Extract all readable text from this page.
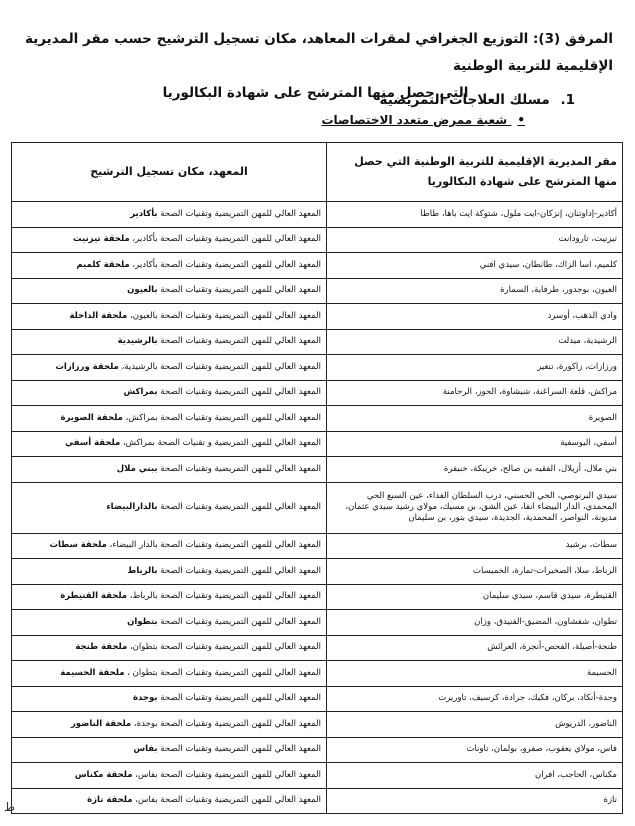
المرفق (3): التوزيع الجغرافي لمقرات المعاهد، مكان تسجيل الترشيح حسب مقر المديرية الإقليمية للتربية الوطنية
التي حصل منها المترشح على شهادة البكالوريا	1. مسلك العلاجات التمريضية

• شعبة ممرض متعدد الاختصاصات
مقر المديرية الإقليمية للتربية الوطنية التي حصل منها المترشح على شهادة البكالوريا	المعهد، مكان تسجيل الترشيح
أكادير-إداوتنان، إنزكان-ايت ملول، شتوكة ايت باها، طاطا	المعهد العالي للمهن التمريضية وتقنيات الصحة بأكادير
تيزنيت، تارودانت	المعهد العالي للمهن التمريضية وتقنيات الصحة بأكادير، ملحقة تيزنيت
كلميم، اسا الزاك، طانطان، سيدي افني	المعهد العالي للمهن التمريضية وتقنيات الصحة بأكادير، ملحقة كلميم
العيون، بوجدور، طرفاية، السمارة	المعهد العالي للمهن التمريضية وتقنيات الصحة بالعيون
وادي الذهب، أوسرد	المعهد العالي للمهن التمريضية وتقنيات الصحة بالعيون، ملحقة الداخلة
الرشيدية، ميدلت	المعهد العالي للمهن التمريضية وتقنيات الصحة بالرشيدية
ورزازات، زاكورة، تنغير	المعهد العالي للمهن التمريضية وتقنيات الصحة بالرشيدية، ملحقة ورزازات
مراكش، قلعة السراغنة، شيشاوة، الحوز، الرحامنة	المعهد العالي للمهن التمريضية وتقنيات الصحة بمراكش
الصويرة	المعهد العالي للمهن التمريضية وتقنيات الصحة بمراكش، ملحقة الصويرة
أسفي، اليوسفية	المعهد العالي للمهن التمريضية و تقنيات الصحة بمراكش، ملحقة أسفي
بني ملال، أزيلال، الفقيه بن صالح، خريبكة، خنيفرة	المعهد العالي للمهن التمريضية وتقنيات الصحة ببني ملال
سيدي البرنوصي، الحي الحسني، درب السلطان الفداء، عين السبع الحي المحمدي، الدار البيضاء انفا، عين الشق، بن مسيك، مولاي رشيد سيدي عثمان، مديونة، النواصر، المحمدية، الجديدة، سيدي بنور، بن سليمان	المعهد العالي للمهن التمريضية وتقنيات الصحة بالدارالبيضاء
سطات، برشيد	المعهد العالي للمهن التمريضية وتقنيات الصحة بالدار البيضاء، ملحقة سطات
الرباط، سلا، الصخيرات-تمارة، الخميسات	المعهد العالي للمهن التمريضية وتقنيات الصحة بالرباط
القنيطرة، سيدي قاسم، سيدي سليمان	المعهد العالي للمهن التمريضية وتقنيات الصحة بالرباط، ملحقة القنيطرة
تطوان، شفشاون، المضيق-الفنيدق، وزان	المعهد العالي للمهن التمريضية وتقنيات الصحة بتطوان
طنجة-أصيلة، الفحص-أنجرة، العرائش	المعهد العالي للمهن التمريضية وتقنيات الصحة بتطوان، ملحقة طنجة
الحسيمة	المعهد العالي للمهن التمريضية وتقنيات الصحة بتطوان ، ملحقة الحسيمة
وجدة-أنكاد، بركان، فكيك، جرادة، كرسيف، تاوريرت	المعهد العالي للمهن التمريضية وتقنيات الصحة بوجدة
الناضور، الدريوش	المعهد العالي للمهن التمريضية وتقنيات الصحة بوجدة، ملحقة الناضور
فاس، مولاي يعقوب، صفرو، بولمان، تاونات	المعهد العالي للمهن التمريضية وتقنيات الصحة بفاس
مكناس، الحاجب، افران	المعهد العالي للمهن التمريضية وتقنيات الصحة بفاس، ملحقة مكناس
تازة	المعهد العالي للمهن التمريضية وتقنيات الصحة بفاس، ملحقة تازة
ط
